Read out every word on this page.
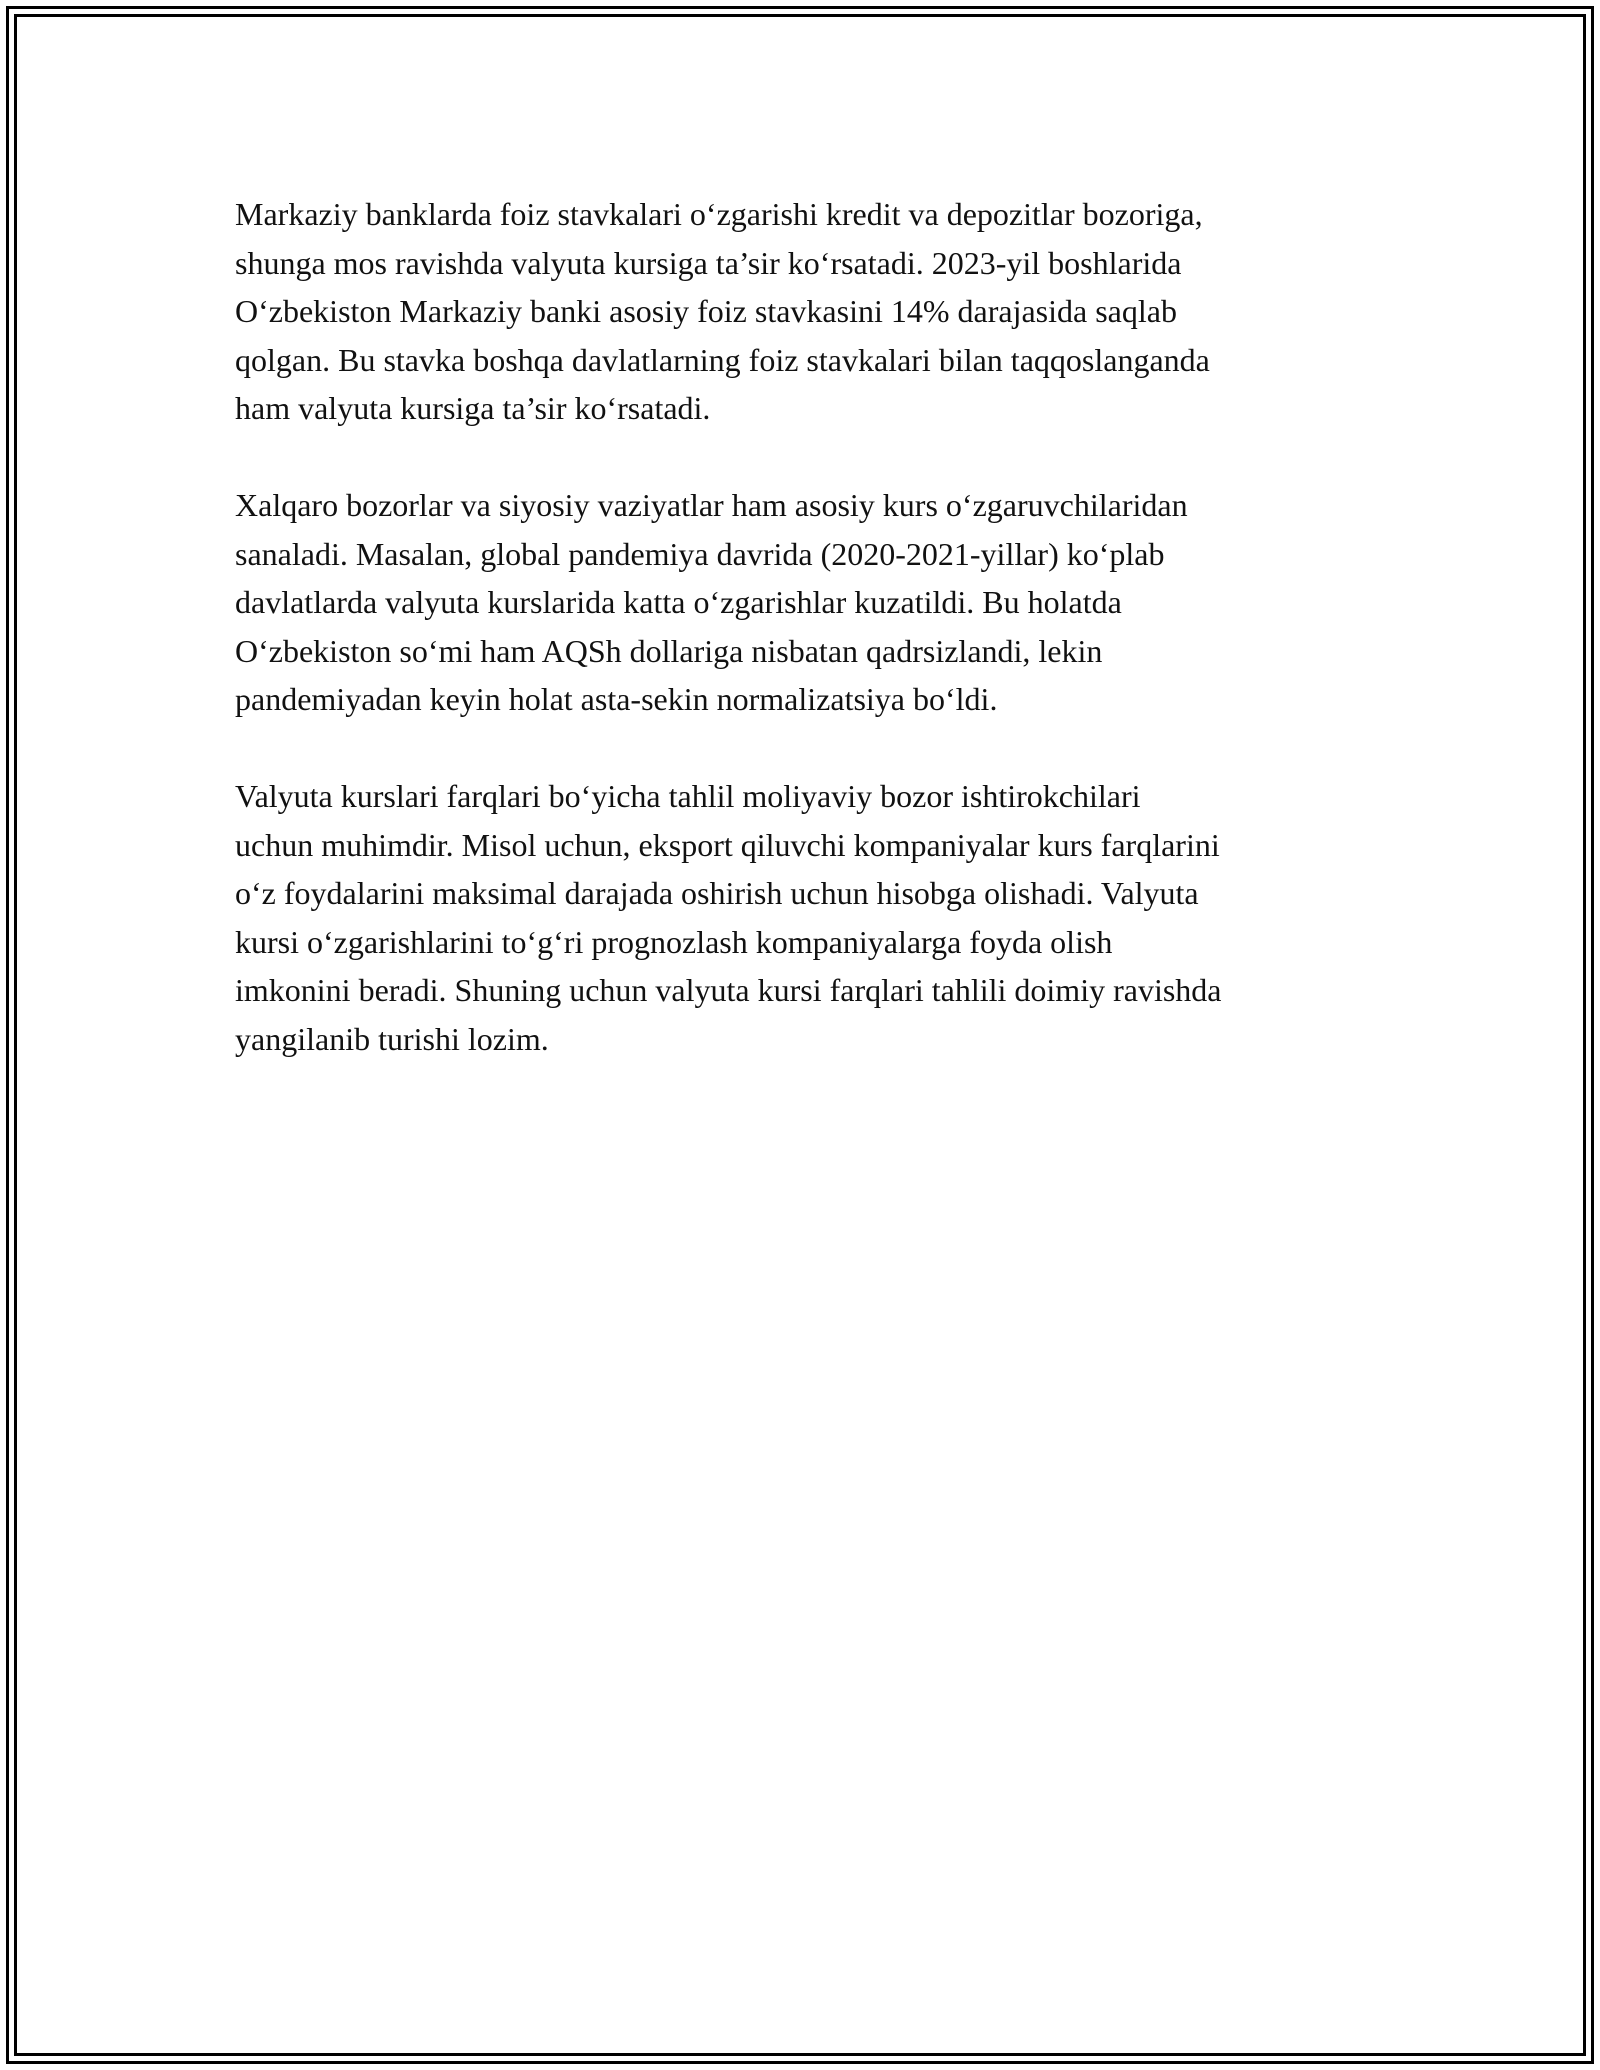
Markaziy banklarda foiz stavkalari o‘zgarishi kredit va depozitlar bozoriga,
shunga mos ravishda valyuta kursiga ta’sir ko‘rsatadi. 2023-yil boshlarida
O‘zbekiston Markaziy banki asosiy foiz stavkasini 14% darajasida saqlab
qolgan. Bu stavka boshqa davlatlarning foiz stavkalari bilan taqqoslanganda
ham valyuta kursiga ta’sir ko‘rsatadi.

Xalqaro bozorlar va siyosiy vaziyatlar ham asosiy kurs o‘zgaruvchilaridan
sanaladi. Masalan, global pandemiya davrida (2020-2021-yillar) ko‘plab
davlatlarda valyuta kurslarida katta o‘zgarishlar kuzatildi. Bu holatda
O‘zbekiston so‘mi ham AQSh dollariga nisbatan qadrsizlandi, lekin
pandemiyadan keyin holat asta-sekin normalizatsiya bo‘ldi.

Valyuta kurslari farqlari bo‘yicha tahlil moliyaviy bozor ishtirokchilari
uchun muhimdir. Misol uchun, eksport qiluvchi kompaniyalar kurs farqlarini
o‘z foydalarini maksimal darajada oshirish uchun hisobga olishadi. Valyuta
kursi o‘zgarishlarini to‘g‘ri prognozlash kompaniyalarga foyda olish
imkonini beradi. Shuning uchun valyuta kursi farqlari tahlili doimiy ravishda
yangilanib turishi lozim.
